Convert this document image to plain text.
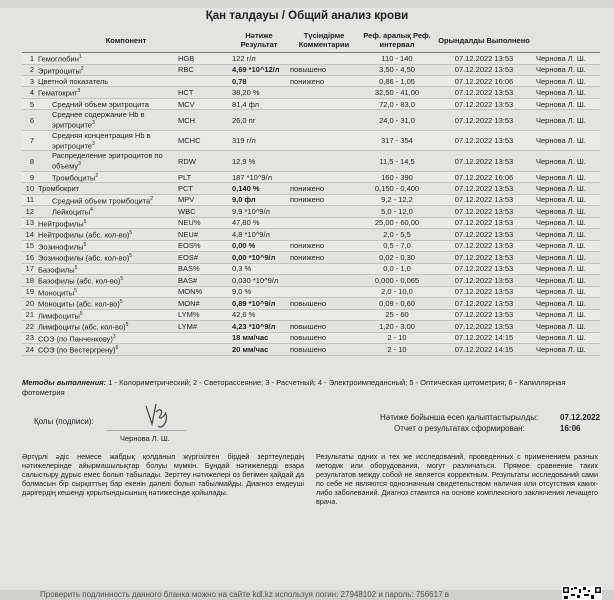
Қан талдауы / Общий анализ крови
Компонент			Нәтиже Результат	Түсіндірме Комментарии	Реф. аралық Реф. интервал	Орындалды Выполнено	
1	Гемоглобин$^1$	HGB	122 г/л		110 - 140	07.12.2022 13:53	Чернова Л. Ш.
2	Эритроциты$^2$	RBC	4,69 *10^12/л	повышено	3,50 - 4,50	07.12.2022 13:53	Чернова Л. Ш.
3	Цветной показатель		0,78	понижено	0,86 - 1,05	07.12.2022 16:06	Чернова Л. Ш.
4	Гематокрит$^3$	HCT	38,20 %		32,50 - 41,00	07.12.2022 13:53	Чернова Л. Ш.
5	Средний объем эритроцита	MCV	81,4 фл		72,0 - 83,0	07.12.2022 13:53	Чернова Л. Ш.
6	Среднее содержание Hb в эритроците$^3$	MCH	26,0 пг		24,0 - 31,0	07.12.2022 13:53	Чернова Л. Ш.
7	Средняя концентрация Hb в эритроците$^3$	MCHC	319 г/л		317 - 354	07.12.2022 13:53	Чернова Л. Ш.
8	Распределение эритроцитов по объему$^3$	RDW	12,9 %		11,5 - 14,5	07.12.2022 13:53	Чернова Л. Ш.
9	Тромбоциты$^2$	PLT	187 *10^9/л		160 - 390	07.12.2022 16:06	Чернова Л. Ш.
10	Тромбокрит	PCT	0,140 %	понижено	0,150 - 0,400	07.12.2022 13:53	Чернова Л. Ш.
11	Средний объем тромбоцита$^2$	MPV	9,0 фл	понижено	9,2 - 12,2	07.12.2022 13:53	Чернова Л. Ш.
12	Лейкоциты$^4$	WBC	9,9 *10^9/л		5,0 - 12,0	07.12.2022 13:53	Чернова Л. Ш.
13	Нейтрофилы$^5$	NEU%	47,80 %		25,00 - 60,00	07.12.2022 13:53	Чернова Л. Ш.
14	Нейтрофилы (абс. кол-во)$^5$	NEU#	4,8 *10^9/л		2,0 - 5,5	07.12.2022 13:53	Чернова Л. Ш.
15	Эозинофилы$^5$	EOS%	0,00 %	понижено	0,5 - 7,0	07.12.2022 13:53	Чернова Л. Ш.
16	Эозинофилы (абс. кол-во)$^5$	EOS#	0,00 *10^9/л	понижено	0,02 - 0,30	07.12.2022 13:53	Чернова Л. Ш.
17	Базофилы$^5$	BAS%	0,3 %		0,0 - 1,0	07.12.2022 13:53	Чернова Л. Ш.
18	Базофилы (абс. кол-во)$^5$	BAS#	0,030 *10^9/л		0,000 - 0,065	07.12.2022 13:53	Чернова Л. Ш.
19	Моноциты$^5$	MON%	9,0 %		2,0 - 10,0	07.12.2022 13:53	Чернова Л. Ш.
20	Моноциты (абс. кол-во)$^5$	MON#	0,89 *10^9/л	повышено	0,09 - 0,60	07.12.2022 13:53	Чернова Л. Ш.
21	Лимфоциты$^5$	LYM%	42,6 %		25 - 60	07.12.2022 13:53	Чернова Л. Ш.
22	Лимфоциты (абс. кол-во)$^5$	LYM#	4,23 *10^9/л	повышено	1,20 - 3,00	07.12.2022 13:53	Чернова Л. Ш.
23	СОЭ (по Панченкову)$^3$		18 мм/час	повышено	2 - 10	07.12.2022 14:15	Чернова Л. Ш.
24	СОЭ (по Вестергрену)$^6$		20 мм/час	повышено	2 - 10	07.12.2022 14:15	Чернова Л. Ш.
Методы выполнения: 1 - Колориметрический; 2 - Светорассеяние; 3 - Расчетный; 4 - Электроимпедансный; 5 - Оптическая цитометрия; 6 - Капиллярная фотометрия
Қолы (подписи):
Чернова Л. Ш.
Нәтиже бойынша есеп қалыптастырылды:	07.12.2022
Отчет о результатах сформирован:	16:06
Әртүрлі әдіс немесе жабдық қолданып жүргізілген бірдей зерттеулердің нәтижелерінде айырмашылықтар болуы мүмкін. Бұндай нәтижелерді өзара салыстыру дұрыс емес болып табылады. Зерттеу нәтижелері оз бетімен қайдай да болмасын бір сырқаттың бар екенін дәлелі болып табылмайды. Диагноз емдеуші дәрігердің кешенді қорытындысының нәтижесінде қойылады.
Результаты одних и тех же исследований, проведенных с применением разных методик или оборудования, могут различаться. Прямое сравнение таких результатов между собой не является корректным. Результаты исследований сами по себе не являются однозначным свидетельством наличия или отсутствия каких-либо заболеваний. Диагноз ставится на основе комплексного заключения лечащего врача.
Проверить подлинность данного бланка можно на сайте kdl.kz используя логин: 27948102 и пароль: 756617 в
